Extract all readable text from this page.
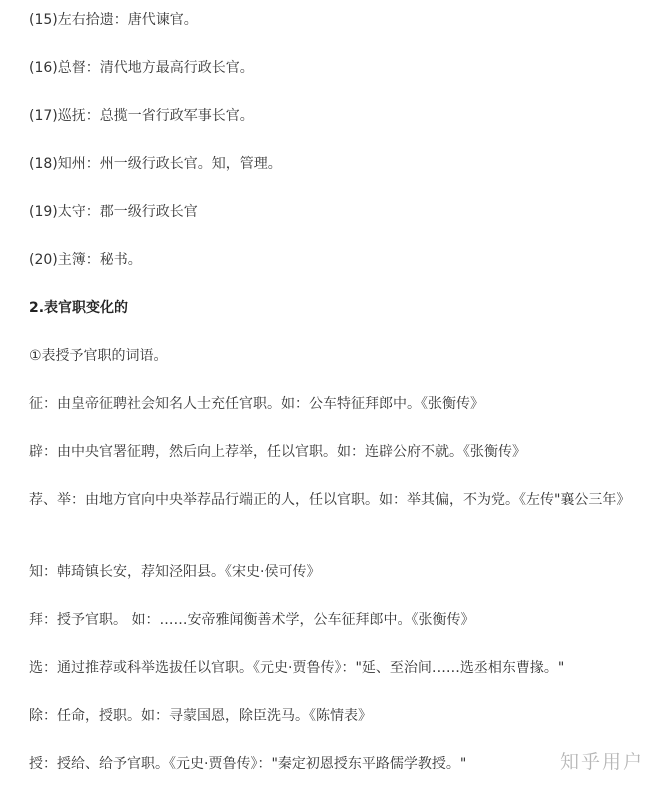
(15)左右拾遗：唐代谏官。

(16)总督：清代地方最高行政长官。

(17)巡抚：总揽一省行政军事长官。

(18)知州：州一级行政长官。知，管理。

(19)太守：郡一级行政长官

(20)主簿：秘书。

2.表官职变化的

①表授予官职的词语。

征：由皇帝征聘社会知名人士充任官职。如：公车特征拜郎中。《张衡传》

辟：由中央官署征聘，然后向上荐举，任以官职。如：连辟公府不就。《张衡传》

荐、举：由地方官向中央举荐品行端正的人，任以官职。如：举其偏，不为党。《左传"襄公三年》

知：韩琦镇长安，荐知泾阳县。《宋史·侯可传》

拜：授予官职。 如：……安帝雅闻衡善术学，公车征拜郎中。《张衡传》

选：通过推荐或科举选拔任以官职。《元史·贾鲁传》："延、至治间……选丞相东曹掾。"

除：任命，授职。如：寻蒙国恩，除臣洗马。《陈情表》

授：授给、给予官职。《元史·贾鲁传》："秦定初恩授东平路儒学教授。"	知乎用户
